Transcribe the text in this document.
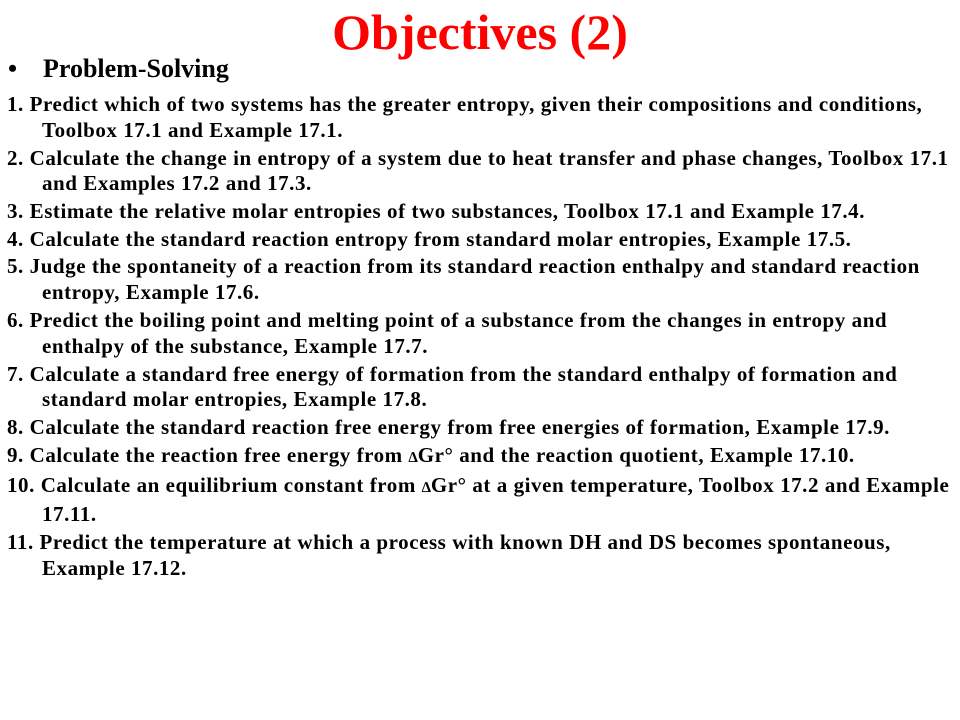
Objectives (2)
• Problem-Solving
1. Predict which of two systems has the greater entropy, given their compositions and conditions, Toolbox 17.1 and Example 17.1.
2. Calculate the change in entropy of a system due to heat transfer and phase changes, Toolbox 17.1 and Examples 17.2 and 17.3.
3. Estimate the relative molar entropies of two substances, Toolbox 17.1 and Example 17.4.
4. Calculate the standard reaction entropy from standard molar entropies, Example 17.5.
5. Judge the spontaneity of a reaction from its standard reaction enthalpy and standard reaction entropy, Example 17.6.
6. Predict the boiling point and melting point of a substance from the changes in entropy and enthalpy of the substance, Example 17.7.
7. Calculate a standard free energy of formation from the standard enthalpy of formation and standard molar entropies, Example 17.8.
8. Calculate the standard reaction free energy from free energies of formation, Example 17.9.
9. Calculate the reaction free energy from ∆Gr° and the reaction quotient, Example 17.10.
10. Calculate an equilibrium constant from ∆Gr° at a given temperature, Toolbox 17.2 and Example 17.11.
11. Predict the temperature at which a process with known DH and DS becomes spontaneous, Example 17.12.
